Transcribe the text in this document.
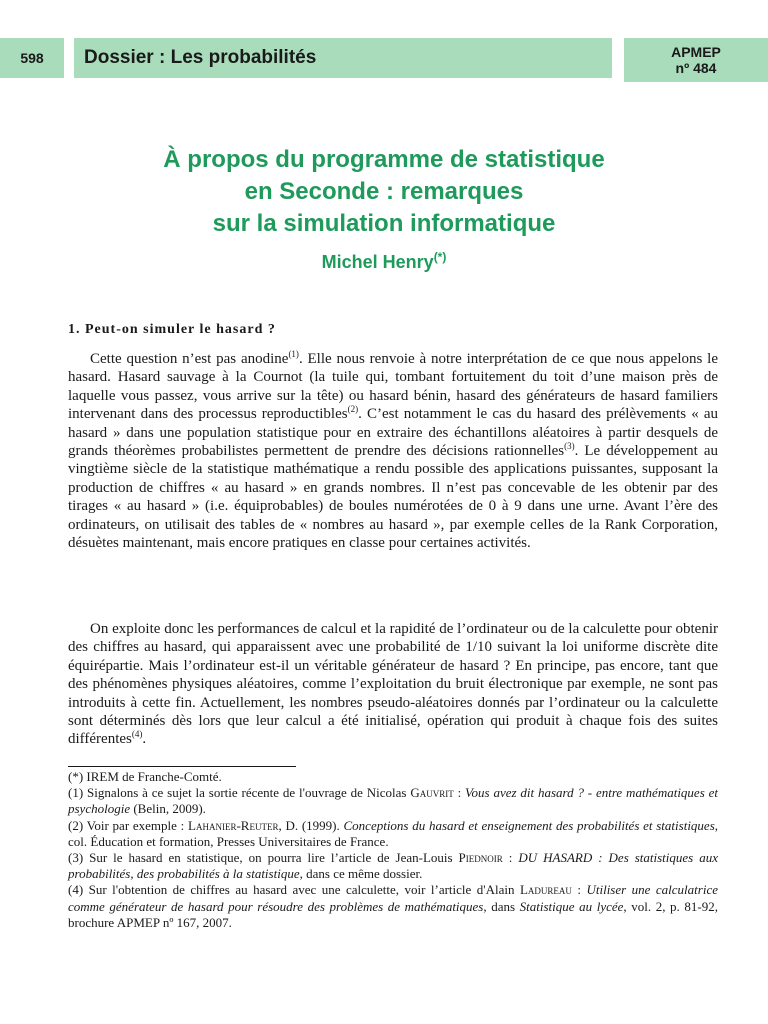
598 Dossier : Les probabilités	APMEP
nº 484
À propos du programme de statistique
en Seconde : remarques
sur la simulation informatique
Michel Henry(*)
1. Peut-on simuler le hasard ?

Cette question n’est pas anodine$^{(1)}$. Elle nous renvoie à notre interprétation de ce que nous appelons le hasard. Hasard sauvage à la Cournot (la tuile qui, tombant fortuitement du toit d’une maison près de laquelle vous passez, vous arrive sur la tête) ou hasard bénin, hasard des générateurs de hasard familiers intervenant dans des processus reproductibles$^{(2)}$. C’est notamment le cas du hasard des prélèvements « au hasard » dans une population statistique pour en extraire des échantillons aléatoires à partir desquels de grands théorèmes probabilistes permettent de prendre des décisions rationnelles$^{(3)}$. Le développement au vingtième siècle de la statistique mathématique a rendu possible des applications puissantes, supposant la production de chiffres « au hasard » en grands nombres. Il n’est pas concevable de les obtenir par des tirages « au hasard » (i.e. équiprobables) de boules numérotées de 0 à 9 dans une urne. Avant l’ère des ordinateurs, on utilisait des tables de « nombres au hasard », par exemple celles de la Rank Corporation, désuètes maintenant, mais encore pratiques en classe pour certaines activités.

On exploite donc les performances de calcul et la rapidité de l’ordinateur ou de la calculette pour obtenir des chiffres au hasard, qui apparaissent avec une probabilité de 1/10 suivant la loi uniforme discrète dite équirépartie. Mais l’ordinateur est-il un véritable générateur de hasard ? En principe, pas encore, tant que des phénomènes physiques aléatoires, comme l’exploitation du bruit électronique par exemple, ne sont pas introduits à cette fin. Actuellement, les nombres pseudo-aléatoires donnés par l’ordinateur ou la calculette sont déterminés dès lors que leur calcul a été initialisé, opération qui produit à chaque fois des suites différentes$^{(4)}$.

(*) IREM de Franche-Comté.

(1) Signalons à ce sujet la sortie récente de l'ouvrage de Nicolas Gauvrit : Vous avez dit hasard ? - entre mathématiques et psychologie (Belin, 2009).

(2) Voir par exemple : Lahanier-Reuter, D. (1999). Conceptions du hasard et enseignement des probabilités et statistiques, col. Éducation et formation, Presses Universitaires de France.

(3) Sur le hasard en statistique, on pourra lire l’article de Jean-Louis Piednoir : DU HASARD : Des statistiques aux probabilités, des probabilités à la statistique, dans ce même dossier.

(4) Sur l'obtention de chiffres au hasard avec une calculette, voir l’article d'Alain Ladureau : Utiliser une calculatrice comme générateur de hasard pour résoudre des problèmes de mathématiques, dans Statistique au lycée, vol. 2, p. 81-92, brochure APMEP nº 167, 2007.
